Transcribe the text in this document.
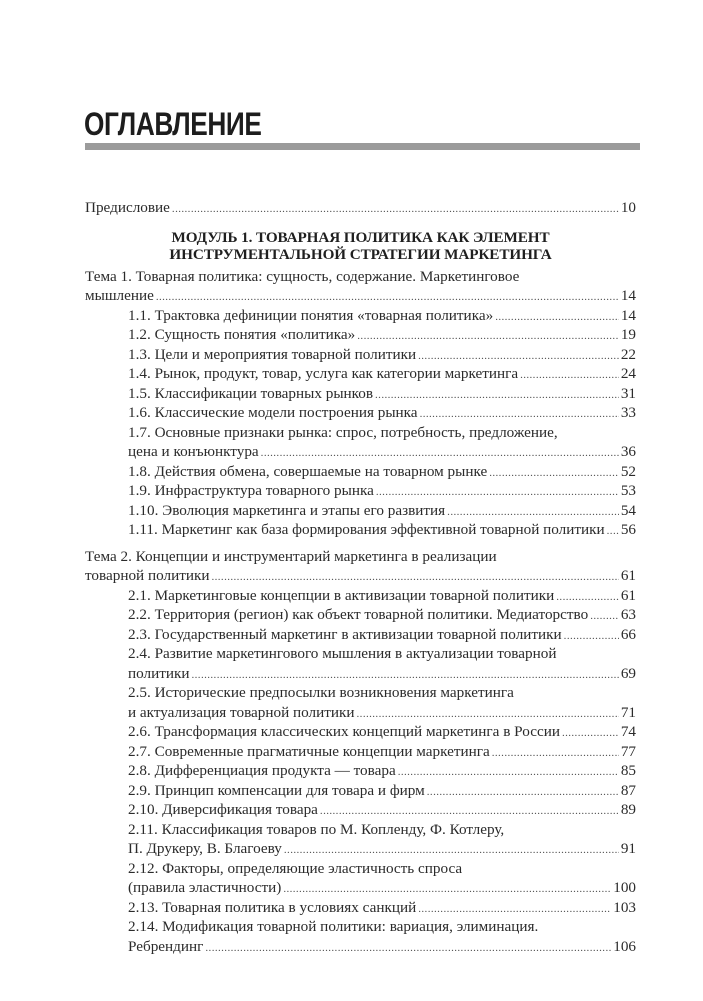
ОГЛАВЛЕНИЕ
Предисловие .....	10
МОДУЛЬ 1. ТОВАРНАЯ ПОЛИТИКА КАК ЭЛЕМЕНТ
ИНСТРУМЕНТАЛЬНОЙ СТРАТЕГИИ МАРКЕТИНГА
Тема 1. Товарная политика: сущность, содержание. Маркетинговое
мышление .....	14
1.1. Трактовка дефиниции понятия «товарная политика» .....	14
1.2. Сущность понятия «политика» .....	19
1.3. Цели и мероприятия товарной политики .....	22
1.4. Рынок, продукт, товар, услуга как категории маркетинга .....	24
1.5. Классификации товарных рынков .....	31
1.6. Классические модели построения рынка .....	33
1.7. Основные признаки рынка: спрос, потребность, предложение,
цена и конъюнктура .....	36
1.8. Действия обмена, совершаемые на товарном рынке .....	52
1.9. Инфраструктура товарного рынка .....	53
1.10. Эволюция маркетинга и этапы его развития .....	54
1.11. Маркетинг как база формирования эффективной товарной политики ..... 56
Тема 2. Концепции и инструментарий маркетинга в реализации
товарной политики .....	61
2.1. Маркетинговые концепции в активизации товарной политики .....	61
2.2. Территория (регион) как объект товарной политики. Медиаторство ..... 63
2.3. Государственный маркетинг в активизации товарной политики .....	66
2.4. Развитие маркетингового мышления в актуализации товарной
политики .....	69
2.5. Исторические предпосылки возникновения маркетинга
и актуализация товарной политики .....	71
2.6. Трансформация классических концепций маркетинга в России .....	74
2.7. Современные прагматичные концепции маркетинга .....	77
2.8. Дифференциация продукта — товара .....	85
2.9. Принцип компенсации для товара и фирм .....	87
2.10. Диверсификация товара .....	89
2.11. Классификация товаров по М. Копленду, Ф. Котлеру,
П. Друкеру, В. Благоеву .....	91
2.12. Факторы, определяющие эластичность спроса
(правила эластичности) .....	100
2.13. Товарная политика в условиях санкций .....	103
2.14. Модификация товарной политики: вариация, элиминация.
Ребрендинг .....	106
